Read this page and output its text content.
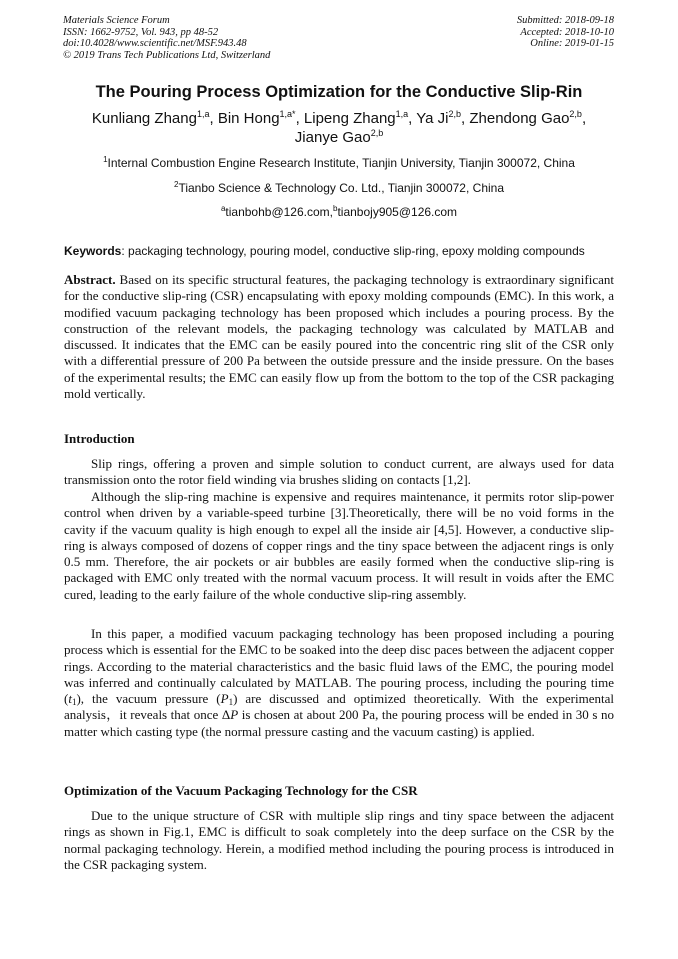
Materials Science Forum
ISSN: 1662-9752, Vol. 943, pp 48-52
doi:10.4028/www.scientific.net/MSF.943.48
© 2019 Trans Tech Publications Ltd, Switzerland
Submitted: 2018-09-18
Accepted: 2018-10-10
Online: 2019-01-15
The Pouring Process Optimization for the Conductive Slip-Rin
Kunliang Zhang$^{1,a}$, Bin Hong$^{1,a*}$, Lipeng Zhang$^{1,a}$, Ya Ji$^{2,b}$, Zhendong Gao$^{2,b}$,
Jianye Gao$^{2,b}$
$^1$Internal Combustion Engine Research Institute, Tianjin University, Tianjin 300072, China
$^2$Tianbo Science & Technology Co. Ltd., Tianjin 300072, China
$^a$tianbohb@126.com,$^b$tianbojy905@126.com
Keywords: packaging technology, pouring model, conductive slip-ring, epoxy molding compounds

Abstract. Based on its specific structural features, the packaging technology is extraordinary significant for the conductive slip-ring (CSR) encapsulating with epoxy molding compounds (EMC). In this work, a modified vacuum packaging technology has been proposed which includes a pouring process. By the construction of the relevant models, the packaging technology was calculated by MATLAB and discussed. It indicates that the EMC can be easily poured into the concentric ring slit of the CSR only with a differential pressure of 200 Pa between the outside pressure and the inside pressure. On the bases of the experimental results; the EMC can easily flow up from the bottom to the top of the CSR packaging mold vertically.

Introduction

Slip rings, offering a proven and simple solution to conduct current, are always used for data transmission onto the rotor field winding via brushes sliding on contacts [1,2].

Although the slip-ring machine is expensive and requires maintenance, it permits rotor slip-power control when driven by a variable-speed turbine [3].Theoretically, there will be no void forms in the cavity if the vacuum quality is high enough to expel all the inside air [4,5]. However, a conductive slip-ring is always composed of dozens of copper rings and the tiny space between the adjacent rings is only 0.5 mm. Therefore, the air pockets or air bubbles are easily formed when the conductive slip-ring is packaged with EMC only treated with the normal vacuum process. It will result in voids after the EMC cured, leading to the early failure of the whole conductive slip-ring assembly.

In this paper, a modified vacuum packaging technology has been proposed including a pouring process which is essential for the EMC to be soaked into the deep disc paces between the adjacent copper rings. According to the material characteristics and the basic fluid laws of the EMC, the pouring model was inferred and continually calculated by MATLAB. The pouring process, including the pouring time $(t_1)$, the vacuum pressure $(P_1)$ are discussed and optimized theoretically. With the experimental analysis，it reveals that once ΔP is chosen at about 200 Pa, the pouring process will be ended in 30 s no matter which casting type (the normal pressure casting and the vacuum casting) is applied.

Optimization of the Vacuum Packaging Technology for the CSR

Due to the unique structure of CSR with multiple slip rings and tiny space between the adjacent rings as shown in Fig.1, EMC is difficult to soak completely into the deep surface on the CSR by the normal packaging technology. Herein, a modified method including the pouring process is introduced in the CSR packaging system.
